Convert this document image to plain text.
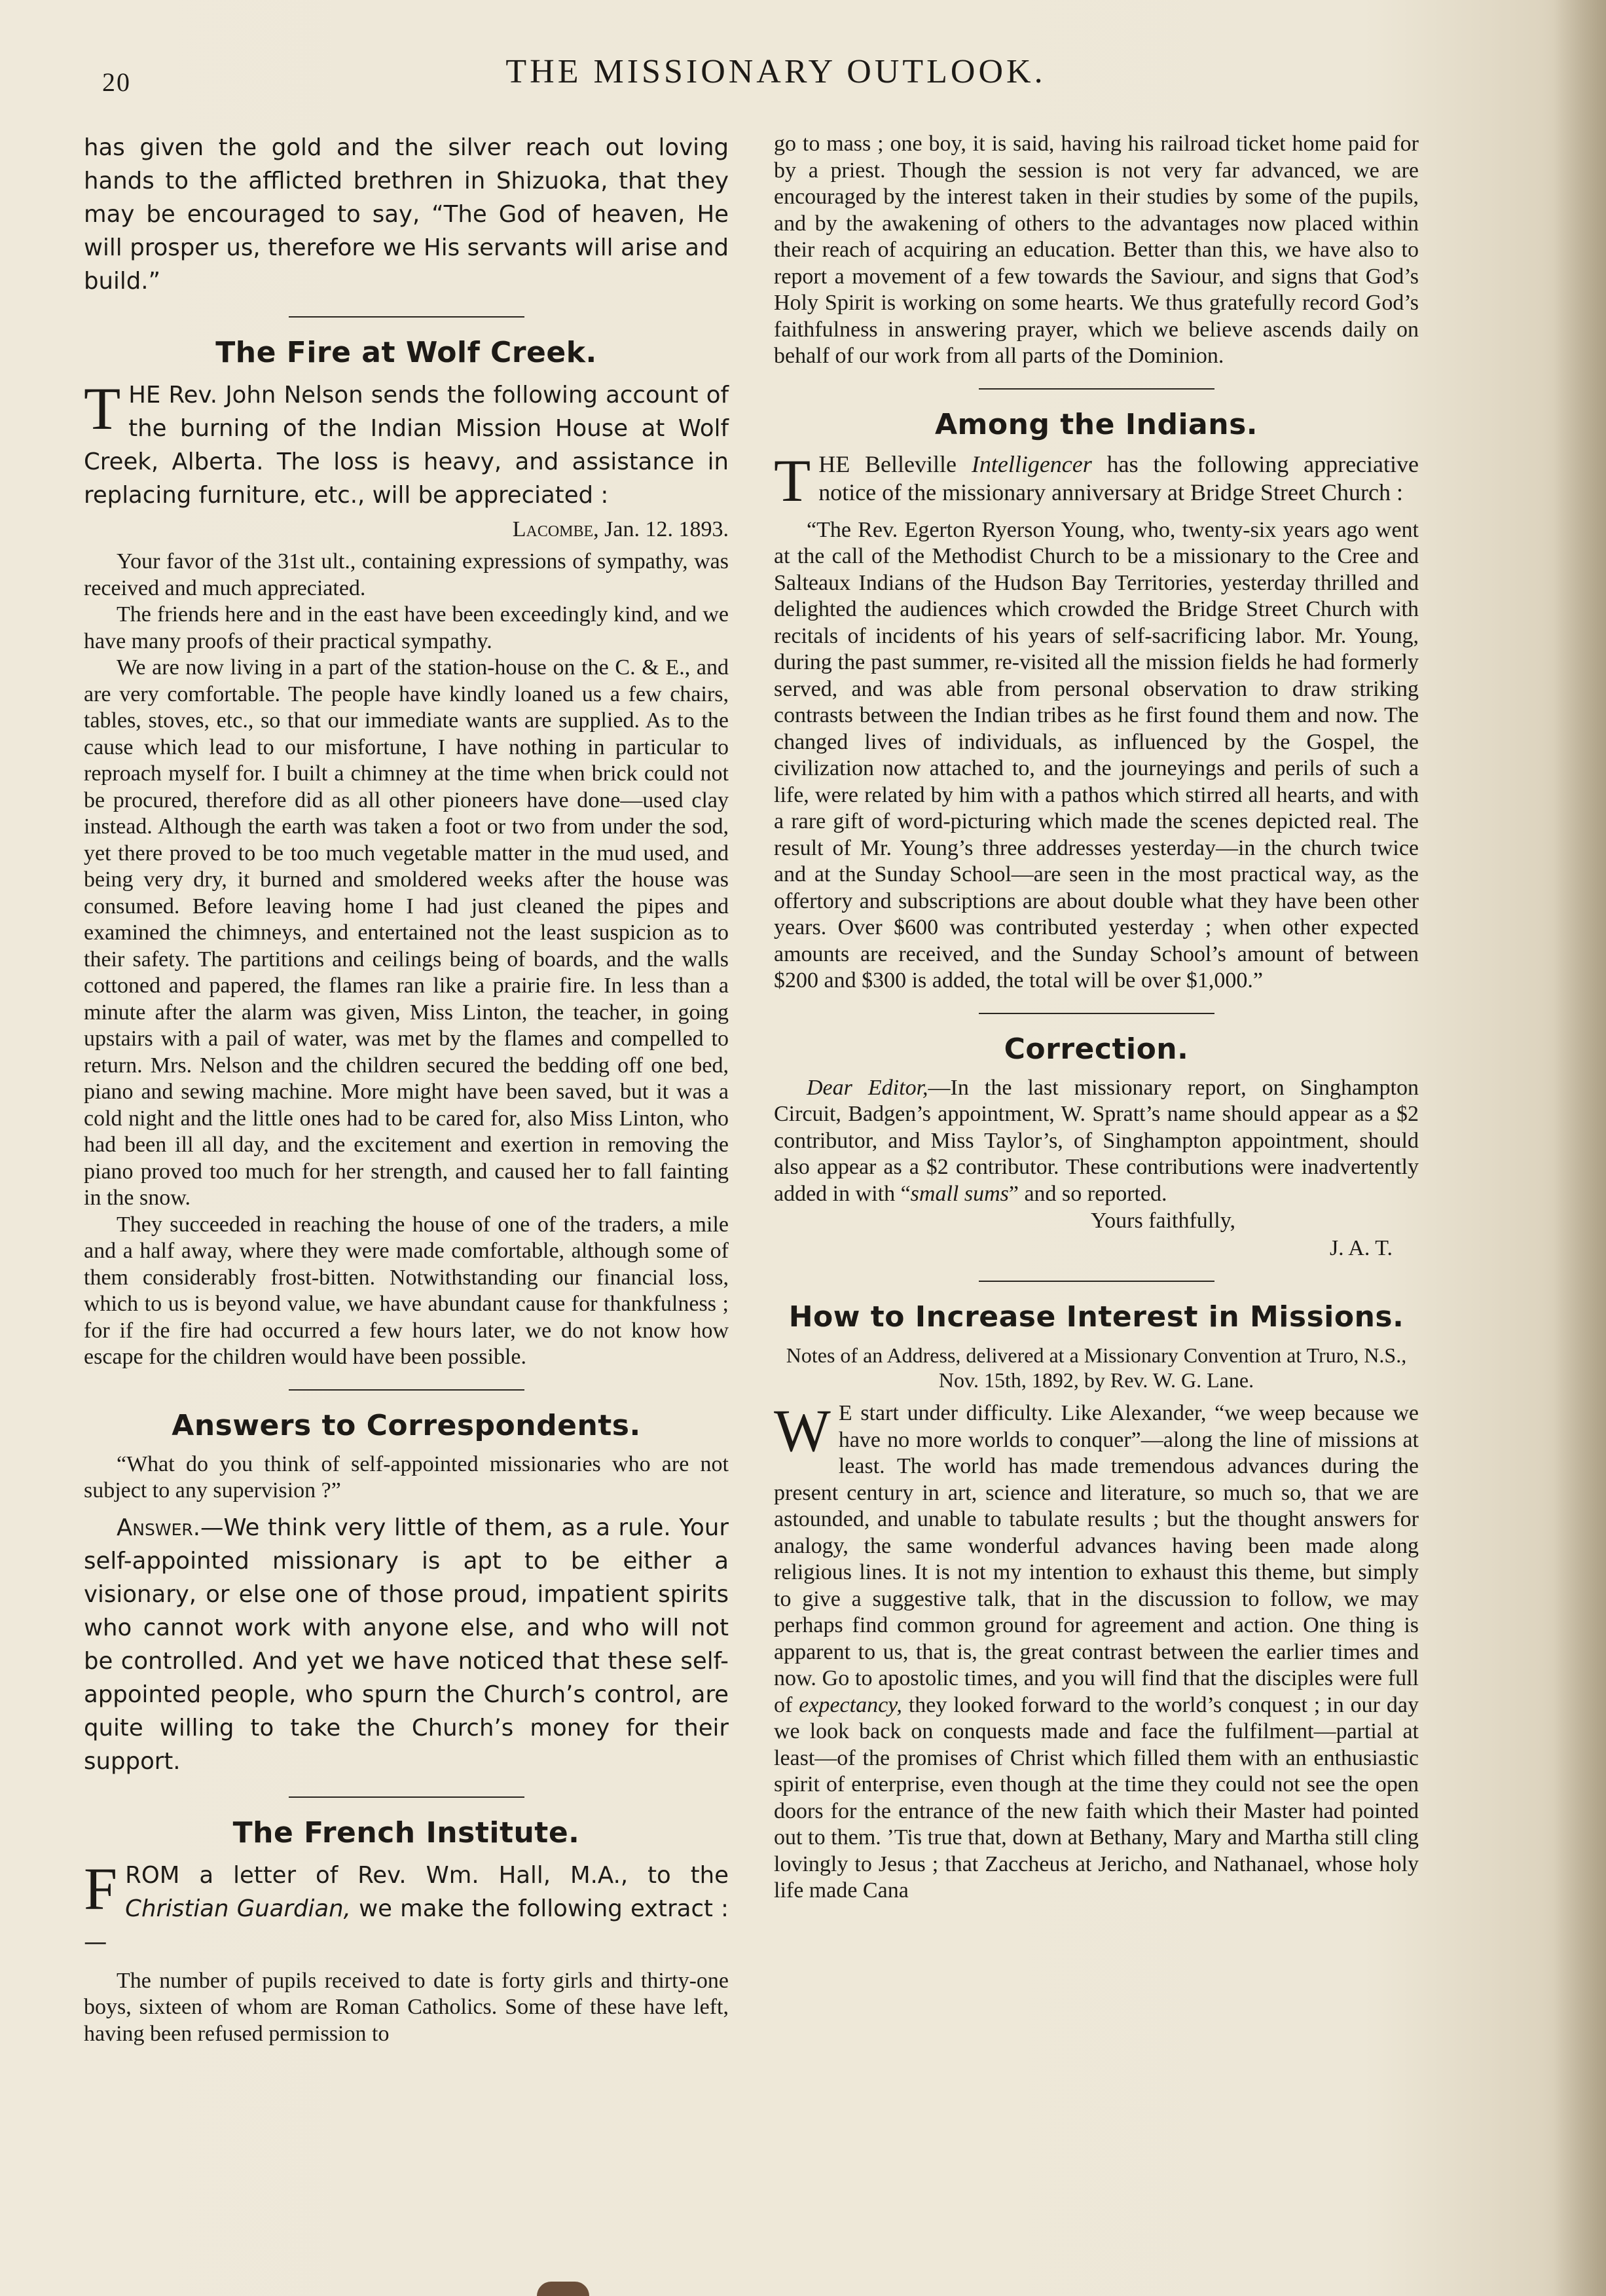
20	THE MISSIONARY OUTLOOK.

has given the gold and the silver reach out loving hands to the afflicted brethren in Shizuoka, that they may be encouraged to say, “The God of heaven, He will prosper us, therefore we His servants will arise and build.”

The Fire at Wolf Creek.

THE Rev. John Nelson sends the following account of the burning of the Indian Mission House at Wolf Creek, Alberta. The loss is heavy, and assistance in replacing furniture, etc., will be appreciated :

Lacombe, Jan. 12. 1893.

Your favor of the 31st ult., containing expressions of sympathy, was received and much appreciated.

The friends here and in the east have been exceedingly kind, and we have many proofs of their practical sympathy.

We are now living in a part of the station-house on the C. & E., and are very comfortable. The people have kindly loaned us a few chairs, tables, stoves, etc., so that our immediate wants are supplied. As to the cause which lead to our misfortune, I have nothing in particular to reproach myself for. I built a chimney at the time when brick could not be procured, therefore did as all other pioneers have done—used clay instead. Although the earth was taken a foot or two from under the sod, yet there proved to be too much vegetable matter in the mud used, and being very dry, it burned and smoldered weeks after the house was consumed. Before leaving home I had just cleaned the pipes and examined the chimneys, and entertained not the least suspicion as to their safety. The partitions and ceilings being of boards, and the walls cottoned and papered, the flames ran like a prairie fire. In less than a minute after the alarm was given, Miss Linton, the teacher, in going upstairs with a pail of water, was met by the flames and compelled to return. Mrs. Nelson and the children secured the bedding off one bed, piano and sewing machine. More might have been saved, but it was a cold night and the little ones had to be cared for, also Miss Linton, who had been ill all day, and the excitement and exertion in removing the piano proved too much for her strength, and caused her to fall fainting in the snow.

They succeeded in reaching the house of one of the traders, a mile and a half away, where they were made comfortable, although some of them considerably frost-bitten. Notwithstanding our financial loss, which to us is beyond value, we have abundant cause for thankfulness ; for if the fire had occurred a few hours later, we do not know how escape for the children would have been possible.

Answers to Correspondents.

“What do you think of self-appointed missionaries who are not subject to any supervision ?”

Answer.—We think very little of them, as a rule. Your self-appointed missionary is apt to be either a visionary, or else one of those proud, impatient spirits who cannot work with anyone else, and who will not be controlled. And yet we have noticed that these self-appointed people, who spurn the Church’s control, are quite willing to take the Church’s money for their support.

The French Institute.

FROM a letter of Rev. Wm. Hall, M.A., to the Christian Guardian, we make the following extract :—

The number of pupils received to date is forty girls and thirty-one boys, sixteen of whom are Roman Catholics. Some of these have left, having been refused permission to

go to mass ; one boy, it is said, having his railroad ticket home paid for by a priest. Though the session is not very far advanced, we are encouraged by the interest taken in their studies by some of the pupils, and by the awakening of others to the advantages now placed within their reach of acquiring an education. Better than this, we have also to report a movement of a few towards the Saviour, and signs that God’s Holy Spirit is working on some hearts. We thus gratefully record God’s faithfulness in answering prayer, which we believe ascends daily on behalf of our work from all parts of the Dominion.

Among the Indians.

THE Belleville Intelligencer has the following appreciative notice of the missionary anniversary at Bridge Street Church :

“The Rev. Egerton Ryerson Young, who, twenty-six years ago went at the call of the Methodist Church to be a missionary to the Cree and Salteaux Indians of the Hudson Bay Territories, yesterday thrilled and delighted the audiences which crowded the Bridge Street Church with recitals of incidents of his years of self-sacrificing labor. Mr. Young, during the past summer, re-visited all the mission fields he had formerly served, and was able from personal observation to draw striking contrasts between the Indian tribes as he first found them and now. The changed lives of individuals, as influenced by the Gospel, the civilization now attached to, and the journeyings and perils of such a life, were related by him with a pathos which stirred all hearts, and with a rare gift of word-picturing which made the scenes depicted real. The result of Mr. Young’s three addresses yesterday—in the church twice and at the Sunday School—are seen in the most practical way, as the offertory and subscriptions are about double what they have been other years. Over $600 was contributed yesterday ; when other expected amounts are received, and the Sunday School’s amount of between $200 and $300 is added, the total will be over $1,000.”

Correction.

Dear Editor,—In the last missionary report, on Singhampton Circuit, Badgen’s appointment, W. Spratt’s name should appear as a $2 contributor, and Miss Taylor’s, of Singhampton appointment, should also appear as a $2 contributor. These contributions were inadvertently added in with “small sums” and so reported.

Yours faithfully,

J. A. T.

How to Increase Interest in Missions.

Notes of an Address, delivered at a Missionary Convention at Truro, N.S., Nov. 15th, 1892, by Rev. W. G. Lane.

W E start under difficulty. Like Alexander, “we weep because we have no more worlds to conquer”—along the line of missions at least. The world has made tremendous advances during the present century in art, science and literature, so much so, that we are astounded, and unable to tabulate results ; but the thought answers for analogy, the same wonderful advances having been made along religious lines. It is not my intention to exhaust this theme, but simply to give a suggestive talk, that in the discussion to follow, we may perhaps find common ground for agreement and action. One thing is apparent to us, that is, the great contrast between the earlier times and now. Go to apostolic times, and you will find that the disciples were full of expectancy, they looked forward to the world’s conquest ; in our day we look back on conquests made and face the fulfilment—partial at least—of the promises of Christ which filled them with an enthusiastic spirit of enterprise, even though at the time they could not see the open doors for the entrance of the new faith which their Master had pointed out to them. ’Tis true that, down at Bethany, Mary and Martha still cling lovingly to Jesus ; that Zaccheus at Jericho, and Nathanael, whose holy life made Cana
